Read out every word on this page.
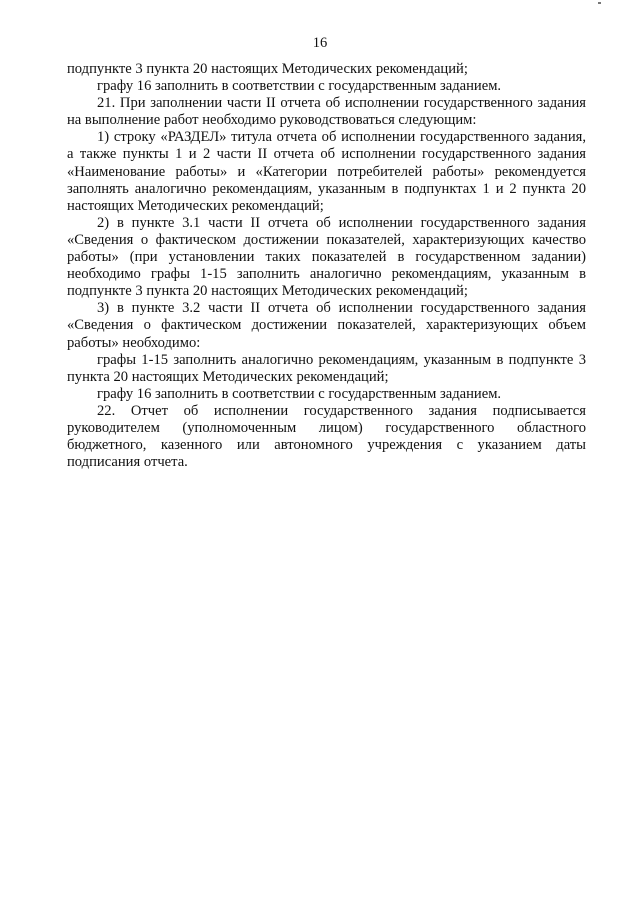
16

подпункте 3 пункта 20 настоящих Методических рекомендаций;

графу 16 заполнить в соответствии с государственным заданием.

21. При заполнении части II отчета об исполнении государственного задания на выполнение работ необходимо руководствоваться следующим:

1) строку «РАЗДЕЛ» титула отчета об исполнении государственного задания, а также пункты 1 и 2 части II отчета об исполнении государственного задания «Наименование работы» и «Категории потребителей работы» рекомендуется заполнять аналогично рекомендациям, указанным в подпунктах 1 и 2 пункта 20 настоящих Методических рекомендаций;

2) в пункте 3.1 части II отчета об исполнении государственного задания «Сведения о фактическом достижении показателей, характеризующих качество работы» (при установлении таких показателей в государственном задании) необходимо графы 1-15 заполнить аналогично рекомендациям, указанным в подпункте 3 пункта 20 настоящих Методических рекомендаций;

3) в пункте 3.2 части II отчета об исполнении государственного задания «Сведения о фактическом достижении показателей, характеризующих объем работы» необходимо:

графы 1-15 заполнить аналогично рекомендациям, указанным в подпункте 3 пункта 20 настоящих Методических рекомендаций;

графу 16 заполнить в соответствии с государственным заданием.

22. Отчет об исполнении государственного задания подписывается руководителем (уполномоченным лицом) государственного областного бюджетного, казенного или автономного учреждения с указанием даты подписания отчета.
